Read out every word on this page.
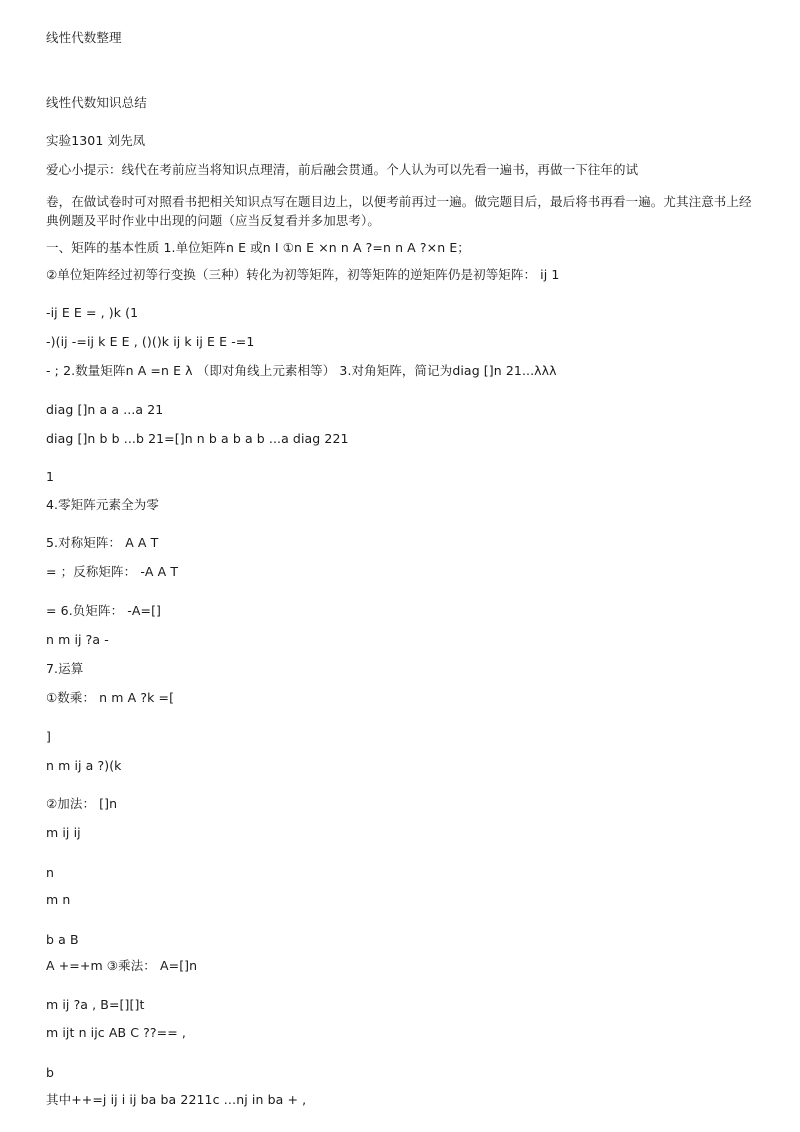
线性代数整理
线性代数知识总结
实验1301 刘先凤
爱心小提示：线代在考前应当将知识点理清，前后融会贯通。个人认为可以先看一遍书，再做一下往年的试
卷，在做试卷时可对照看书把相关知识点写在题目边上，以便考前再过一遍。做完题目后，最后将书再看一遍。尤其注意书上经典例题及平时作业中出现的问题（应当反复看并多加思考）。
一、矩阵的基本性质 1.单位矩阵n E 或n I ①n E ×n n A ?=n n A ?×n E；
②单位矩阵经过初等行变换（三种）转化为初等矩阵，初等矩阵的逆矩阵仍是初等矩阵： ij 1
-ij E E = , )k (1
-)(ij -=ij k E E , ()()k ij k ij E E -=1
- ; 2.数量矩阵n A =n E λ （即对角线上元素相等） 3.对角矩阵，简记为diag []n 21...λλλ
diag []n a a ...a 21
diag []n b b ...b 21=[]n n b a b a b ...a diag 221
1
4.零矩阵元素全为零
5.对称矩阵： A A T
= ；反称矩阵： -A A T
= 6.负矩阵： -A=[]
n m ij ?a -
7.运算
①数乘： n m A ?k =[
]
n m ij a ?)(k
②加法： []n
m ij ij
n
m n
b a B
A +=+m ③乘法： A=[]n
m ij ?a , B=[][]t
m ijt n ijc AB C ??== ,
b
其中++=j ij i ij ba ba 2211c …nj in ba + ,
